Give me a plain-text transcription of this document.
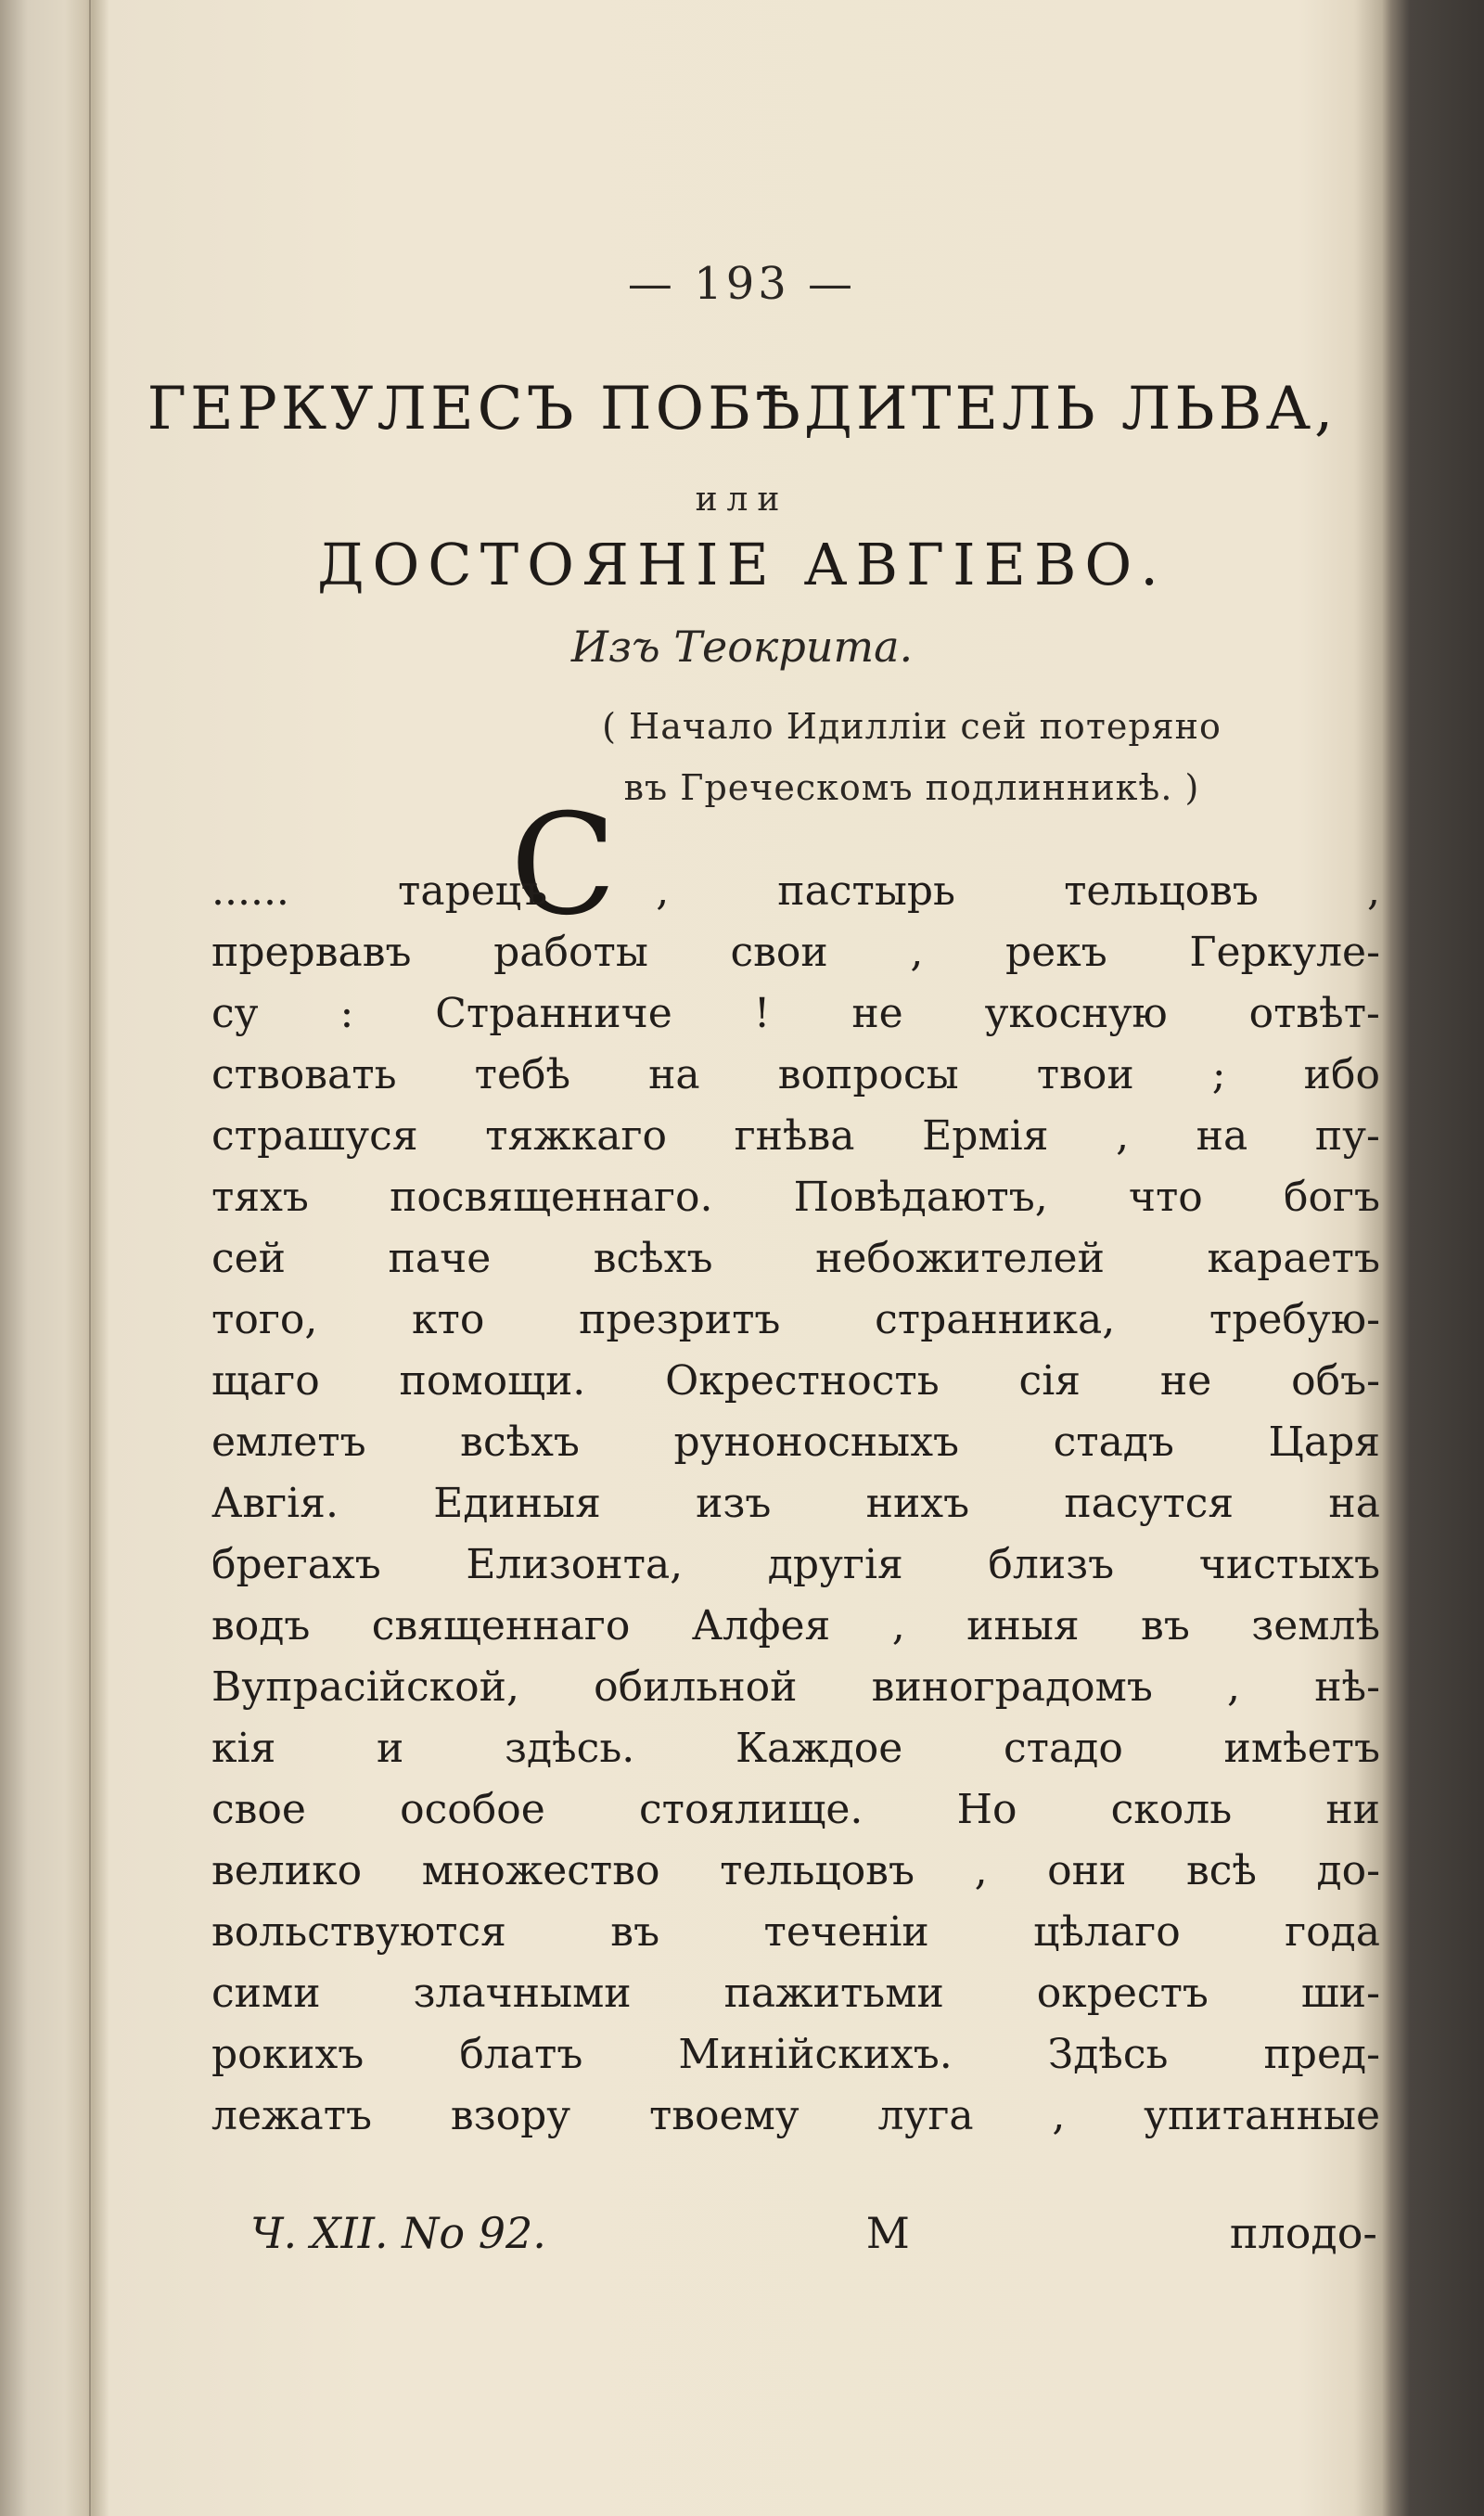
— 193 —
ГЕРКУЛЕСЪ ПОБѢДИТЕЛЬ ЛЬВА,
или
ДОСТОЯНІЕ АВГІЕВО.
Изъ Теокрита.
( Начало Идилліи сей потеряно
въ Греческомъ подлинникѣ. )
С
......	тарецъ	,	пастырь	тельцовъ	,
прервавъ работы свои , рекъ Геркуле-
су : Странниче ! не укоснyю отвѣт-
ствовать тебѣ на вопросы твои ; ибо
страшуся тяжкаго гнѣва Ермія , на пу-
тяхъ посвященнаго. Повѣдаютъ, что богъ
сей	паче	всѣхъ	небожителей	караетъ
того, кто презритъ странника, требую-
щаго помощи. Окрестность сія не объ-
емлетъ всѣхъ руноносныхъ стадъ Царя
Авгія. Единыя изъ нихъ пасутся на
брегахъ Елизонта, другія близъ чистыхъ
водъ священнаго Алфея , иныя въ землѣ
Вупрасійской, обильной виноградомъ , нѣ-
кія и здѣсь. Каждое стадо имѣетъ
свое особое стоялище. Но сколь ни
велико множество тельцовъ , они всѣ до-
вольствуются	въ	теченіи	цѣлаго	года
сими злачными пажитьми окрестъ ши-
рокихъ блатъ Минійскихъ. Здѣсь пред-
лежатъ взору твоему луга , упитанные
Ч. XII. No 92.	M	плодо-
